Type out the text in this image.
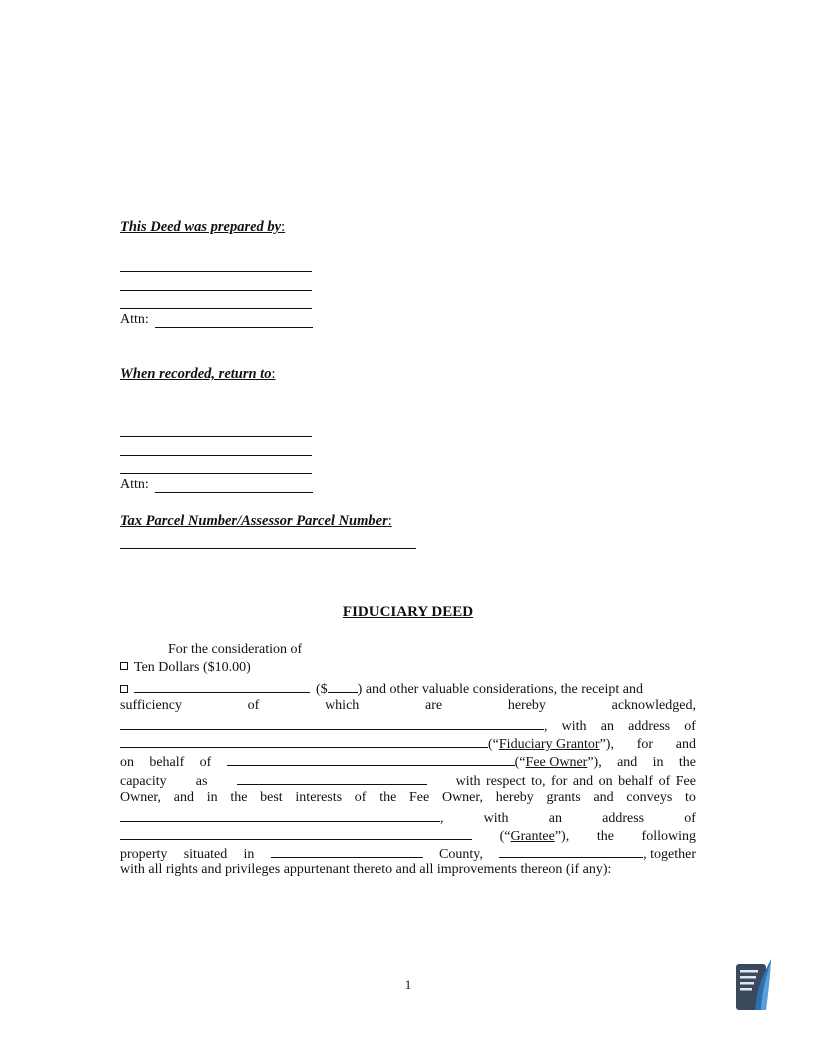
This Deed was prepared by:
Attn:
When recorded, return to:
Attn:
Tax Parcel Number/Assessor Parcel Number:
FIDUCIARY DEED
For the consideration of
Ten Dollars ($10.00)
($ ) and other valuable considerations, the receipt and
sufficiency	of	which	are	hereby	acknowledged,
, with an address of
(“Fiduciary Grantor”), for and
on behalf of	(“Fee Owner”), and in the
capacity as	with respect to, for and on behalf of Fee
Owner, and in the best interests of the Fee Owner, hereby grants and conveys to
,	with	an	address	of
(“Grantee”), the following
property situated in	County,	, together
with all rights and privileges appurtenant thereto and all improvements thereon (if any):
1
